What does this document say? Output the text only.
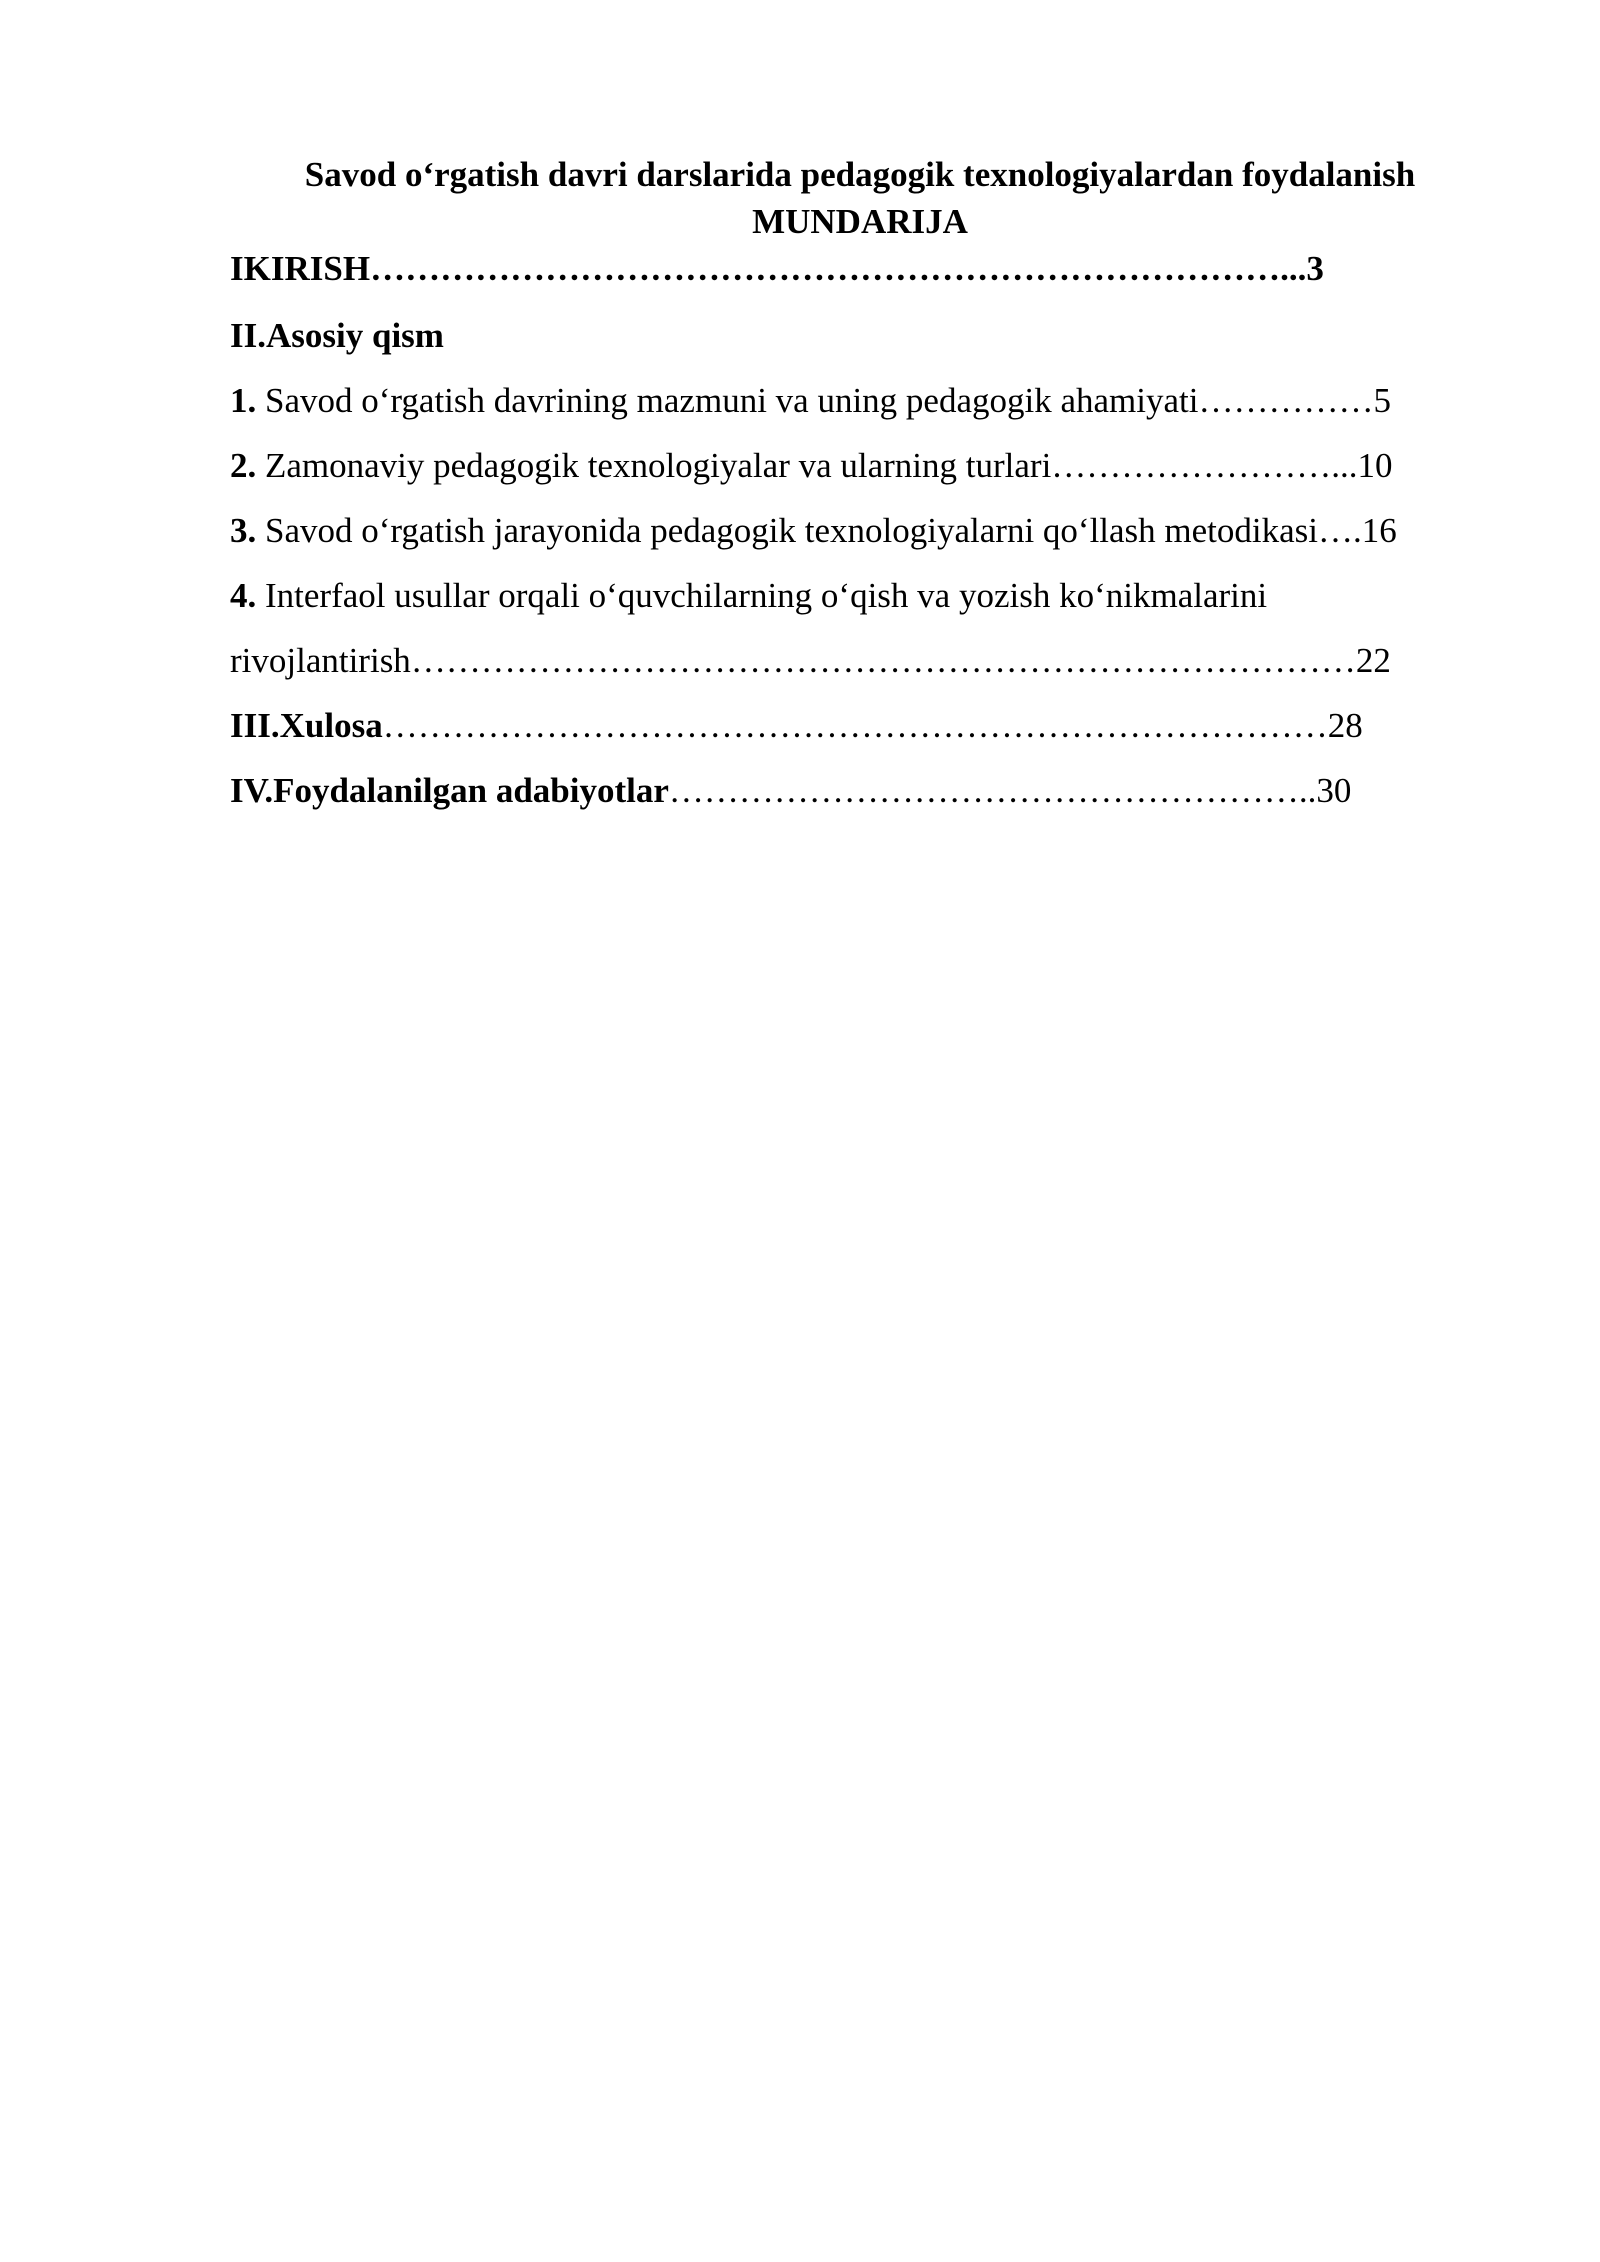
Savod o‘rgatish davri darslarida pedagogik texnologiyalardan foydalanish
MUNDARIJA
IKIRISH……………………………………………………………………...3
II.Asosiy qism
1. Savod o‘rgatish davrining mazmuni va uning pedagogik ahamiyati……………5
2. Zamonaviy pedagogik texnologiyalar va ularning turlari……………………...10
3. Savod o‘rgatish jarayonida pedagogik texnologiyalarni qo‘llash metodikasi….16
4. Interfaol usullar orqali o‘quvchilarning o‘qish va yozish ko‘nikmalarini
rivojlantirish………………………………………………………………………22
III.Xulosa………………………………………………………………………28
IV.Foydalanilgan adabiyotlar………………………………………………..30
